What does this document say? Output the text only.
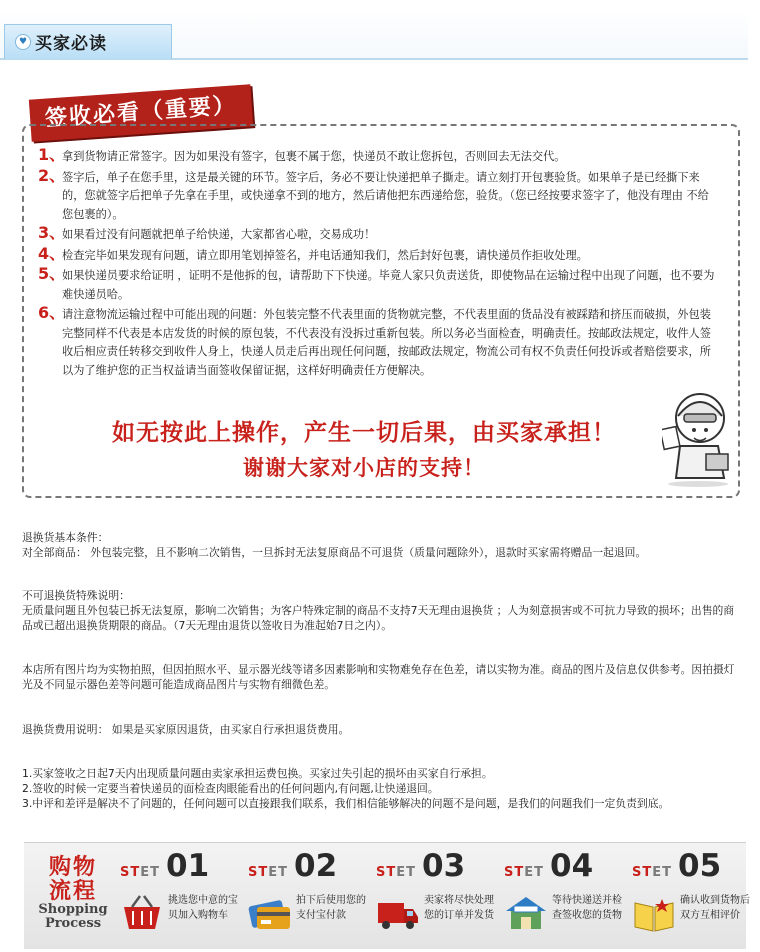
♥ 买家必读
签收必看（重要）
1、
拿到货物请正常签字。因为如果没有签字，包裹不属于您，快递员不敢让您拆包，否则回去无法交代。
2、
签字后，单子在您手里，这是最关键的环节。签字后，务必不要让快递把单子撕走。请立刻打开包裹验货。如果单子是已经撕下来的，您就签字后把单子先拿在手里，或快递拿不到的地方，然后请他把东西递给您，验货。（您已经按要求签字了，他没有理由 不给您包裹的）。
3、
如果看过没有问题就把单子给快递，大家都省心啦，交易成功！
4、
检查完毕如果发现有问题，请立即用笔划掉签名，并电话通知我们，然后封好包裹，请快递员作拒收处理。
5、
如果快递员要求给证明 ，证明不是他拆的包，请帮助下下快递。毕竟人家只负责送货，即使物品在运输过程中出现了问题，也不要为难快递员哈。
6、
请注意物流运输过程中可能出现的问题：外包装完整不代表里面的货物就完整，不代表里面的货品没有被踩踏和挤压而破损，外包装完整同样不代表是本店发货的时候的原包装，不代表没有没拆过重新包装。所以务必当面检查，明确责任。按邮政法规定，收件人签收后相应责任转移交到收件人身上，快递人员走后再出现任何问题，按邮政法规定，物流公司有权不负责任何投诉或者赔偿要求，所以为了维护您的正当权益请当面签收保留证据，这样好明确责任方便解决。
如无按此上操作，产生一切后果，由买家承担！
谢谢大家对小店的支持！
退换货基本条件：
对全部商品： 外包装完整，且不影响二次销售，一旦拆封无法复原商品不可退货（质量问题除外），退款时买家需将赠品一起退回。
不可退换货特殊说明：
无质量问题且外包装已拆无法复原，影响二次销售；为客户特殊定制的商品不支持7天无理由退换货 ；人为刻意损害或不可抗力导致的损坏；出售的商品或已超出退换货期限的商品。（7天无理由退货以签收日为准起始7日之内）。
本店所有图片均为实物拍照，但因拍照水平、显示器光线等诸多因素影响和实物难免存在色差，请以实物为准。商品的图片及信息仅供参考。因拍摄灯光及不同显示器色差等问题可能造成商品图片与实物有细微色差。
退换货费用说明： 如果是买家原因退货，由买家自行承担退货费用。
1.买家签收之日起7天内出现质量问题由卖家承担运费包换。买家过失引起的损坏由买家自行承担。
2.签收的时候一定要当着快递员的面检查肉眼能看出的任何问题内,有问题,让快递退回。
3.中评和差评是解决不了问题的，任何问题可以直接跟我们联系，我们相信能够解决的问题不是问题，是我们的问题我们一定负责到底。
购物
流程
Shopping
Process
STET 01
挑选您中意的宝贝加入购物车
STET 02
拍下后使用您的支付宝付款
STET 03
卖家将尽快处理您的订单并发货
STET 04
等待快递送并检查签收您的货物
STET 05
确认收到货物后双方互相评价
